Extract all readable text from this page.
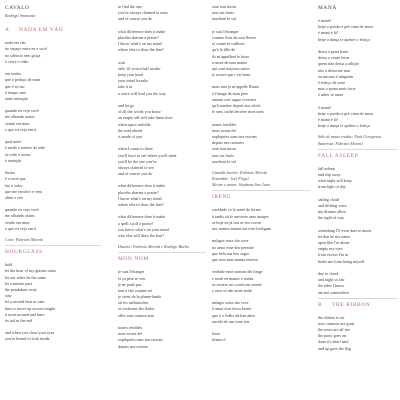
CAVALO
Rodrigo Amarante
A NADA EM VÃO
nada em vão
no espaço entre eu e você
no silêncio sem graça
o céu e o chão
em sonho
que o pedaço de mim
que é só teu
é tempo sem
tanto intenção
quando eu vejo você
me olhando assim
vendo em mim
o que eu vejo em ti
qual noite
é medo o tremor da sede
se cede o aceno
à tentação
ilusão
é a sorte que
faz o valor
que me envolve e vem
além o céu
quando eu vejo você
me olhando assim
vendo em mim
o que eu vejo em ti
Cora: Fabrizio Moretti
HOURGLASS
hold
let the hour of my glasses stain
let our ashes be the same
let a minute pass
the pendulum sway
stay
let a second beat in vain
time is never up on me tonight
it turns around and bites
its tail in the end
and when you close your eyes
you're bound to look inside
to find the one
you've always claimed to miss
and of course you do
what difference does it make
placebo sharms a praise?
I know what's on my mind
where else to draw the line?
wait
only 'til you're half awake
keep your head
your mind forsake
take it in
a voice will lead you the way
and let go
of all the words you know
an empty tall will take them slow
when space unfolds
the road ahead
is made of you
when I count to three
you'll have to see where you'll meet
you'll be the one you've
always claimed to see
and of course you do
what difference does it make
placebo sharms a praise?
I know what's on my mind
where else to draw the line?
what difference does it make
a spell a pill a praise?
you know what's on your mind
who else will draw the line?
Duzette: Fabrizio Moretti e Rodrigo Barba
MON NOM
je suis l'étranger
et ça peut se voir
je ne parle pas
tout à fait comme toi
je viens de la plume-lando
où les mélancolies
se violacent des flatbe
elles sont comme noir
toutes terribles
nous avons été
expliquées sans nos racines
depuis nos racines
sont tout mous
tout ses fruits
touchent le sol
je suis l'étranger
comme flots du tout fleuve
et contre le caillerie
qu'à la fille de
ils m'appellent le boua
à assez de mes mains
qui sont toujours suites
je trouve que c'est beau
mais moi je m'appelle Bruno
à l'image de mon père
tantant soir vague ecoeurer
qu'à sombre depuis nos siècle
le sens caché derrière mon nom
toutes terribles
nous avons été
expliquées sans nos racines
depuis nos racinees
sont tout mous
tout ses fruits
touchent le sol
Ginalda lentivo: Fabrizio Moretti
Ensemble: Joel Flegel
Mestre e mono: Stephane San Juan
IRENE
sucédade ce le mesé de forme
à tardis où le universe sans images
se hoje eu já sou se ieu vocrse
nos trentes manos me este-lvidigans
milagre seria são voce
no amor esse deo permite
que bela sua beu sagra
que seus mas mansa esserve
verdade estte unavan deí longe
e torde en mamir e sonda
se vertere ess corret em seneer
e oreo sé não norte node
milagre seria são voce
ô amor esse tevsa berrer
que ó o lvdho dá kan abrir
asceda de um sono terr
leese
bemes ô
MANÁ
é maná!
beije o portão e pré cima do amor
é maná é fá!
beije a dança te quebre o feitiço
deixa a porta bater
deixa o vento levar
quem não deixa a aflição
não a deixa me mar
ou mesmo é ninguém
é feitiço da sorte
mas o ponto mais forte
é saber se amar
é maná!
beije o portão e pré cima do amor
é maná é fá!
beije a dança te quebre o feitiço
Sião de mano tradas: Nark Georgesou
Baterista: Fabrizio Moretti
FALL ASLEEP
fall asleep
and slip away
what night will keep
from light of day
sailing cloud
and drifting wave
my dreams allow
the right of way
something I'll even dare to know
let that be my name
open like I'm alone
empty my eyes
from excess I'm in
brake me from being myself
day to cloud
and night so fair
the tides I know
are not somewhere
B THE RIBBON
the ribbon is cut
now cameras are gone
the roses are all tire
the party goes on
done it's heart said
and up goes the flag
